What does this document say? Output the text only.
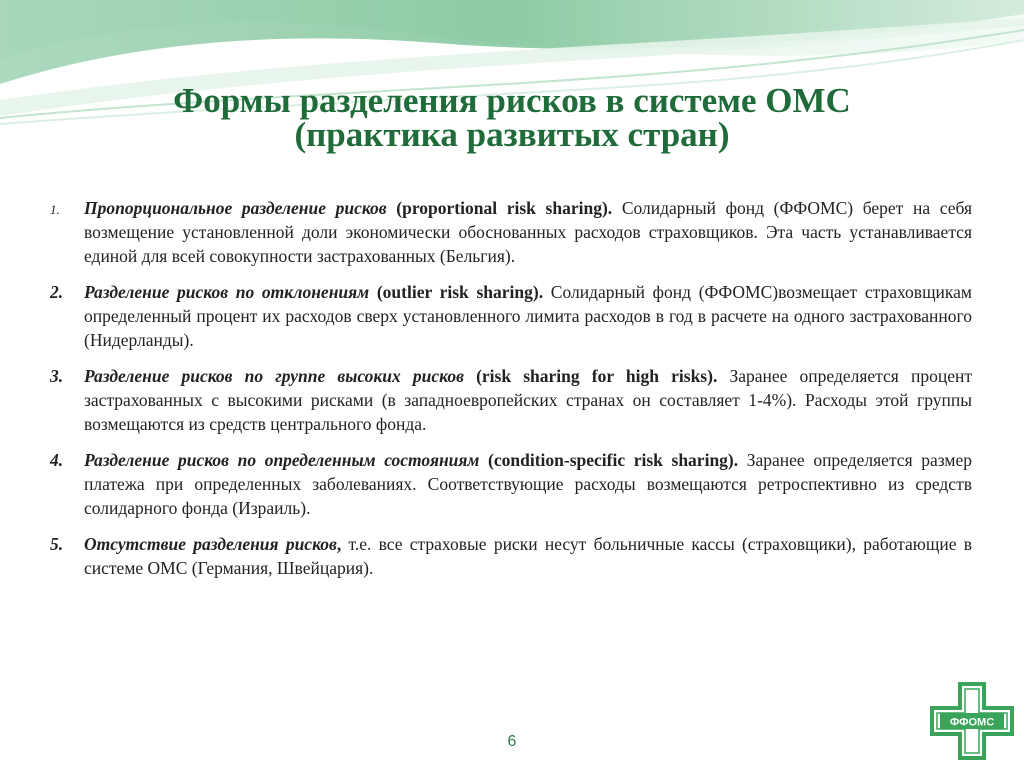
Формы разделения рисков в системе ОМС
(практика развитых стран)
1. Пропорциональное разделение рисков (proportional risk sharing). Солидарный фонд (ФФОМС) берет на себя возмещение установленной доли экономически обоснованных расходов страховщиков. Эта часть устанавливается единой для всей совокупности застрахованных (Бельгия).
2. Разделение рисков по отклонениям (outlier risk sharing). Солидарный фонд (ФФОМС)возмещает страховщикам определенный процент их расходов сверх установленного лимита расходов в год в расчете на одного застрахованного (Нидерланды).
3. Разделение рисков по группе высоких рисков (risk sharing for high risks). Заранее определяется процент застрахованных с высокими рисками (в западноевропейских странах он составляет 1-4%). Расходы этой группы возмещаются из средств центрального фонда.
4. Разделение рисков по определенным состояниям (condition-specific risk sharing). Заранее определяется размер платежа при определенных заболеваниях. Соответствующие расходы возмещаются ретроспективно из средств солидарного фонда (Израиль).
5. Отсутствие разделения рисков, т.е. все страховые риски несут больничные кассы (страховщики), работающие в системе ОМС (Германия, Швейцария).
6
ФФОМС
